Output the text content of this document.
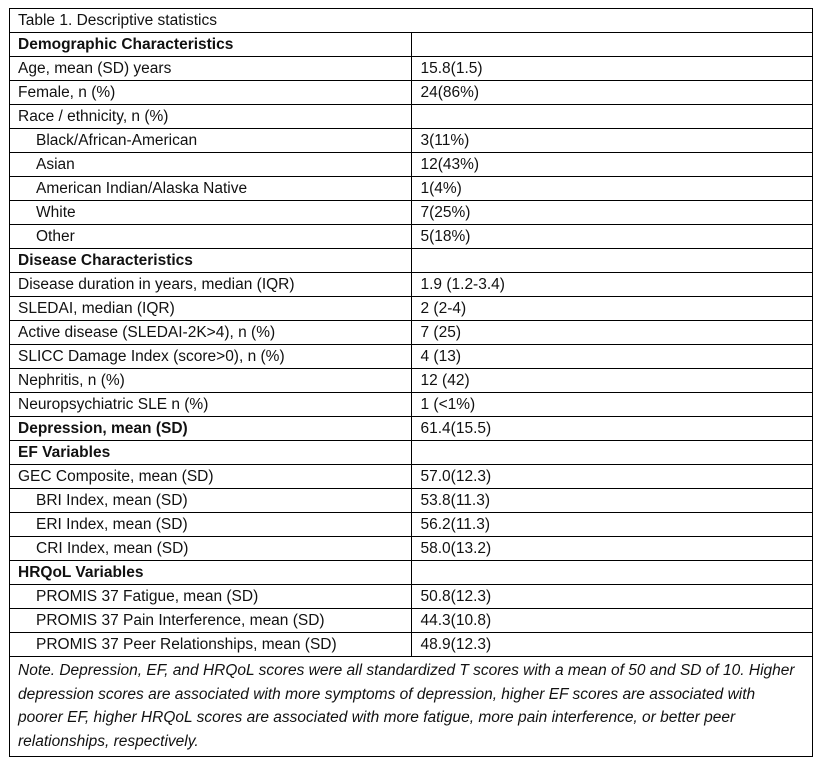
Table 1. Descriptive statistics	
Demographic Characteristics	
Age, mean (SD) years	15.8(1.5)
Female, n (%)	24(86%)
Race / ethnicity, n (%)	
Black/African-American	3(11%)
Asian	12(43%)
American Indian/Alaska Native	1(4%)
White	7(25%)
Other	5(18%)
Disease Characteristics	
Disease duration in years, median (IQR)	1.9 (1.2-3.4)
SLEDAI, median (IQR)	2 (2-4)
Active disease (SLEDAI-2K>4), n (%)	7 (25)
SLICC Damage Index (score>0), n (%)	4 (13)
Nephritis, n (%)	12 (42)
Neuropsychiatric SLE n (%)	1 (<1%)
Depression, mean (SD)	61.4(15.5)
EF Variables	
GEC Composite, mean (SD)	57.0(12.3)
BRI Index, mean (SD)	53.8(11.3)
ERI Index, mean (SD)	56.2(11.3)
CRI Index, mean (SD)	58.0(13.2)
HRQoL Variables	
PROMIS 37 Fatigue, mean (SD)	50.8(12.3)
PROMIS 37 Pain Interference, mean (SD)	44.3(10.8)
PROMIS 37 Peer Relationships, mean (SD)	48.9(12.3)
Note. Depression, EF, and HRQoL scores were all standardized T scores with a mean of 50 and SD of 10. Higher depression scores are associated with more symptoms of depression, higher EF scores are associated with poorer EF, higher HRQoL scores are associated with more fatigue, more pain interference, or better peer relationships, respectively.	
